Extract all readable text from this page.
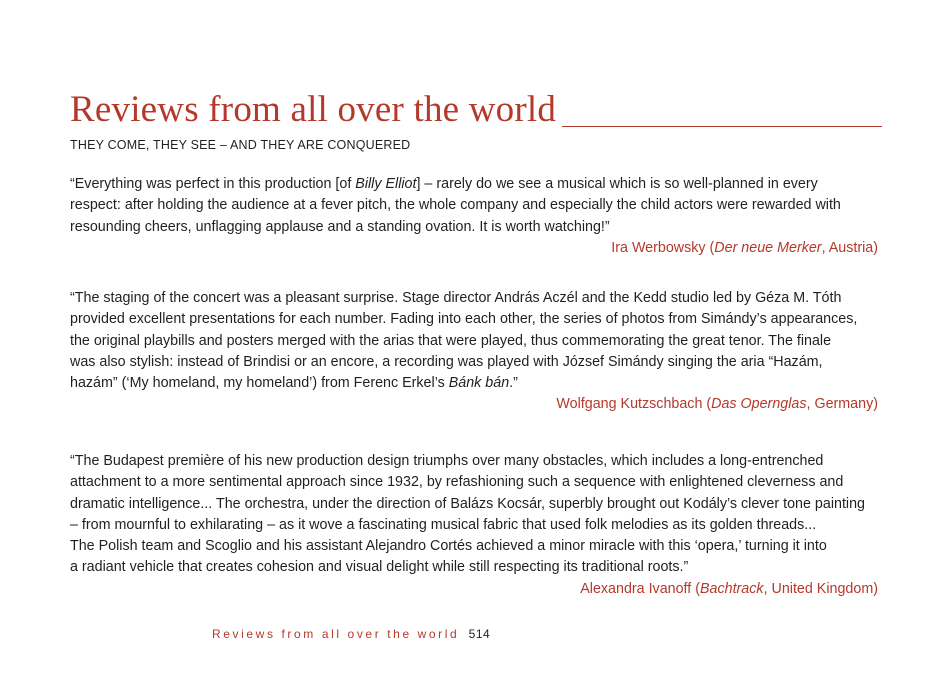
Reviews from all over the world
THEY COME, THEY SEE – AND THEY ARE CONQUERED

“Everything was perfect in this production [of Billy Elliot] – rarely do we see a musical which is so well-planned in every
respect: after holding the audience at a fever pitch, the whole company and especially the child actors were rewarded with
resounding cheers, unflagging applause and a standing ovation. It is worth watching!”

Ira Werbowsky (Der neue Merker, Austria)

“The staging of the concert was a pleasant surprise. Stage director András Aczél and the Kedd studio led by Géza M. Tóth
provided excellent presentations for each number. Fading into each other, the series of photos from Simándy’s appearances,
the original playbills and posters merged with the arias that were played, thus commemorating the great tenor. The finale
was also stylish: instead of Brindisi or an encore, a recording was played with József Simándy singing the aria “Hazám,
hazám” (‘My homeland, my homeland’) from Ferenc Erkel’s Bánk bán.”

Wolfgang Kutzschbach (Das Opernglas, Germany)

“The Budapest première of his new production design triumphs over many obstacles, which includes a long-entrenched
attachment to a more sentimental approach since 1932, by refashioning such a sequence with enlightened cleverness and
dramatic intelligence... The orchestra, under the direction of Balázs Kocsár, superbly brought out Kodály’s clever tone painting
– from mournful to exhilarating – as it wove a fascinating musical fabric that used folk melodies as its golden threads...
The Polish team and Scoglio and his assistant Alejandro Cortés achieved a minor miracle with this ‘opera,’ turning it into
a radiant vehicle that creates cohesion and visual delight while still respecting its traditional roots.”

Alexandra Ivanoff (Bachtrack, United Kingdom)
Reviews from all over the world 514
